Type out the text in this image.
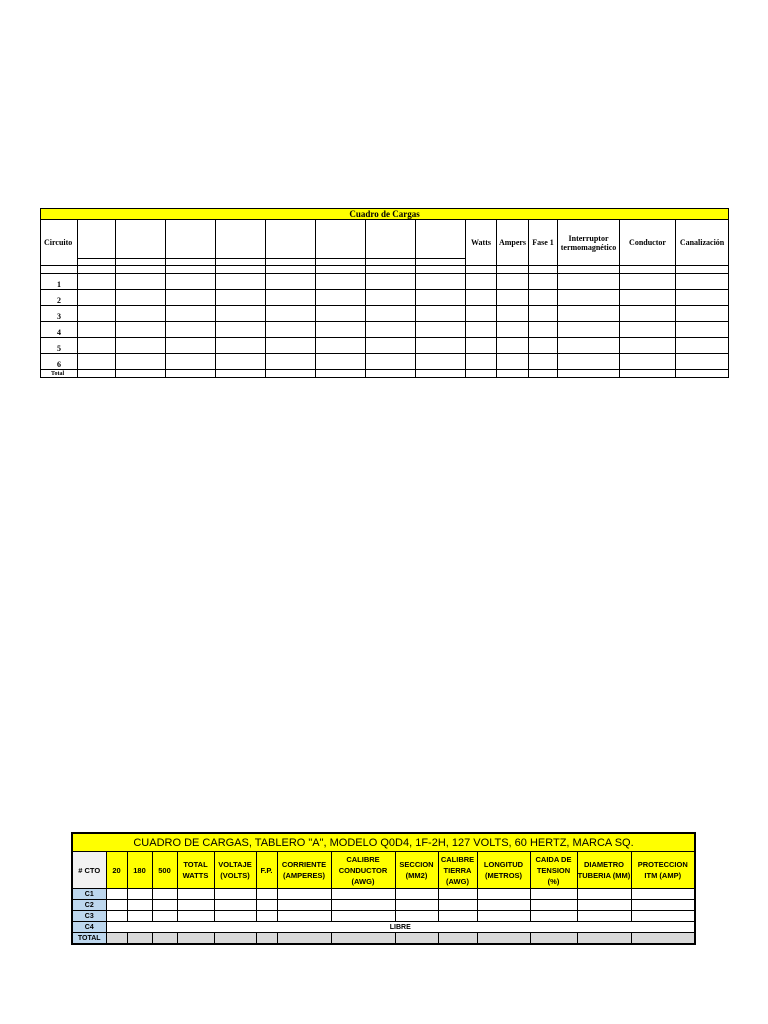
Cuadro de Cargas														
Circuito									Watts	Ampers	Fase 1	Interruptor termomagnético	Conductor	Canalización

1														
2														
3														
4														
5														
6														
Total														
CUADRO DE CARGAS, TABLERO "A", MODELO Q0D4, 1F-2H, 127 VOLTS, 60 HERTZ, MARCA SQ.														
# CTO	20	180	500	TOTAL WATTS	VOLTAJE (VOLTS)	F.P.	CORRIENTE (AMPERES)	CALIBRE CONDUCTOR (AWG)	SECCION (MM2)	CALIBRE TIERRA (AWG)	LONGITUD (METROS)	CAIDA DE TENSION (%)	DIAMETRO TUBERIA (MM)	PROTECCION ITM (AMP)
C1														
C2														
C3														
C4	LIBRE													
TOTAL														
